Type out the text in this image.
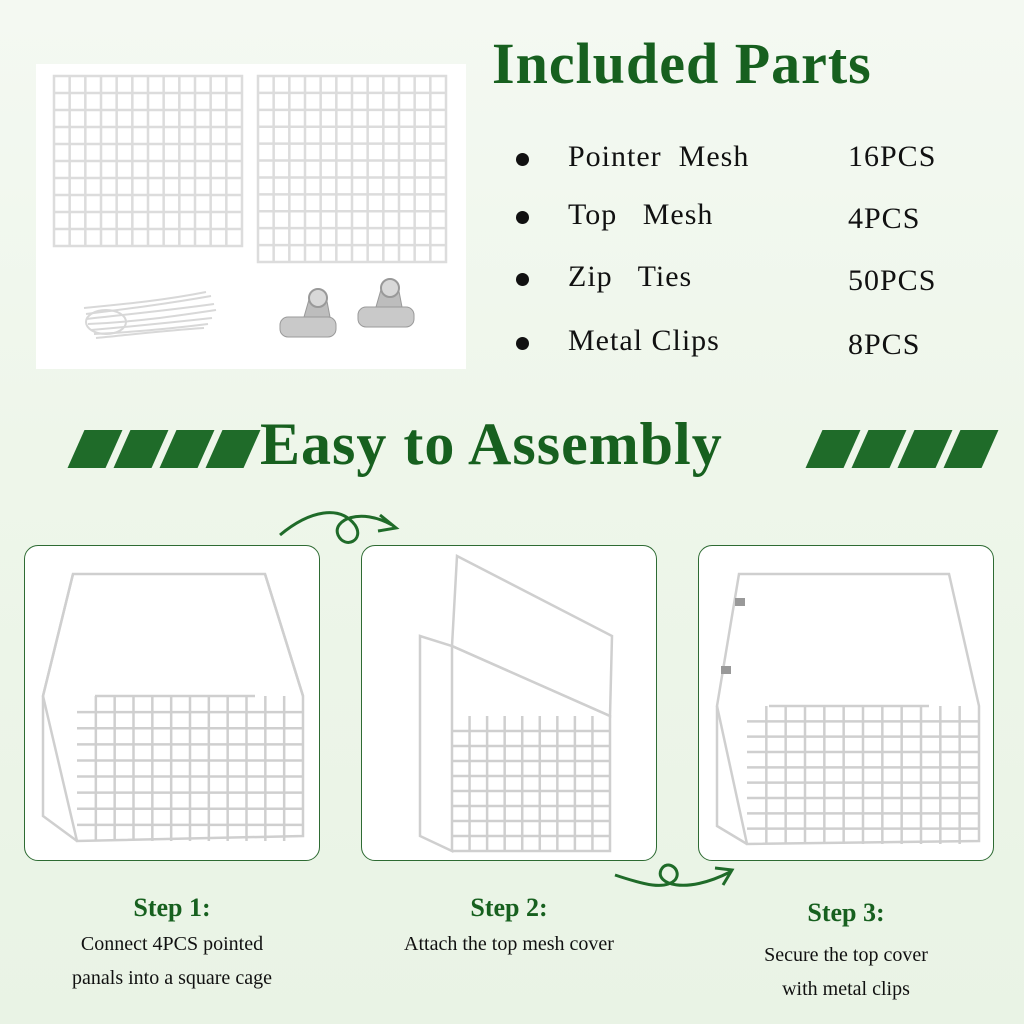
Included Parts
Pointer  Mesh	16PCS
Top   Mesh	4PCS
Zip   Ties	50PCS
Metal Clips	8PCS
Easy to Assembly
Step 1:
Connect 4PCS pointed
panals into a square cage
Step 2:
Attach the top mesh cover
Step 3:
Secure the top cover
with metal clips
